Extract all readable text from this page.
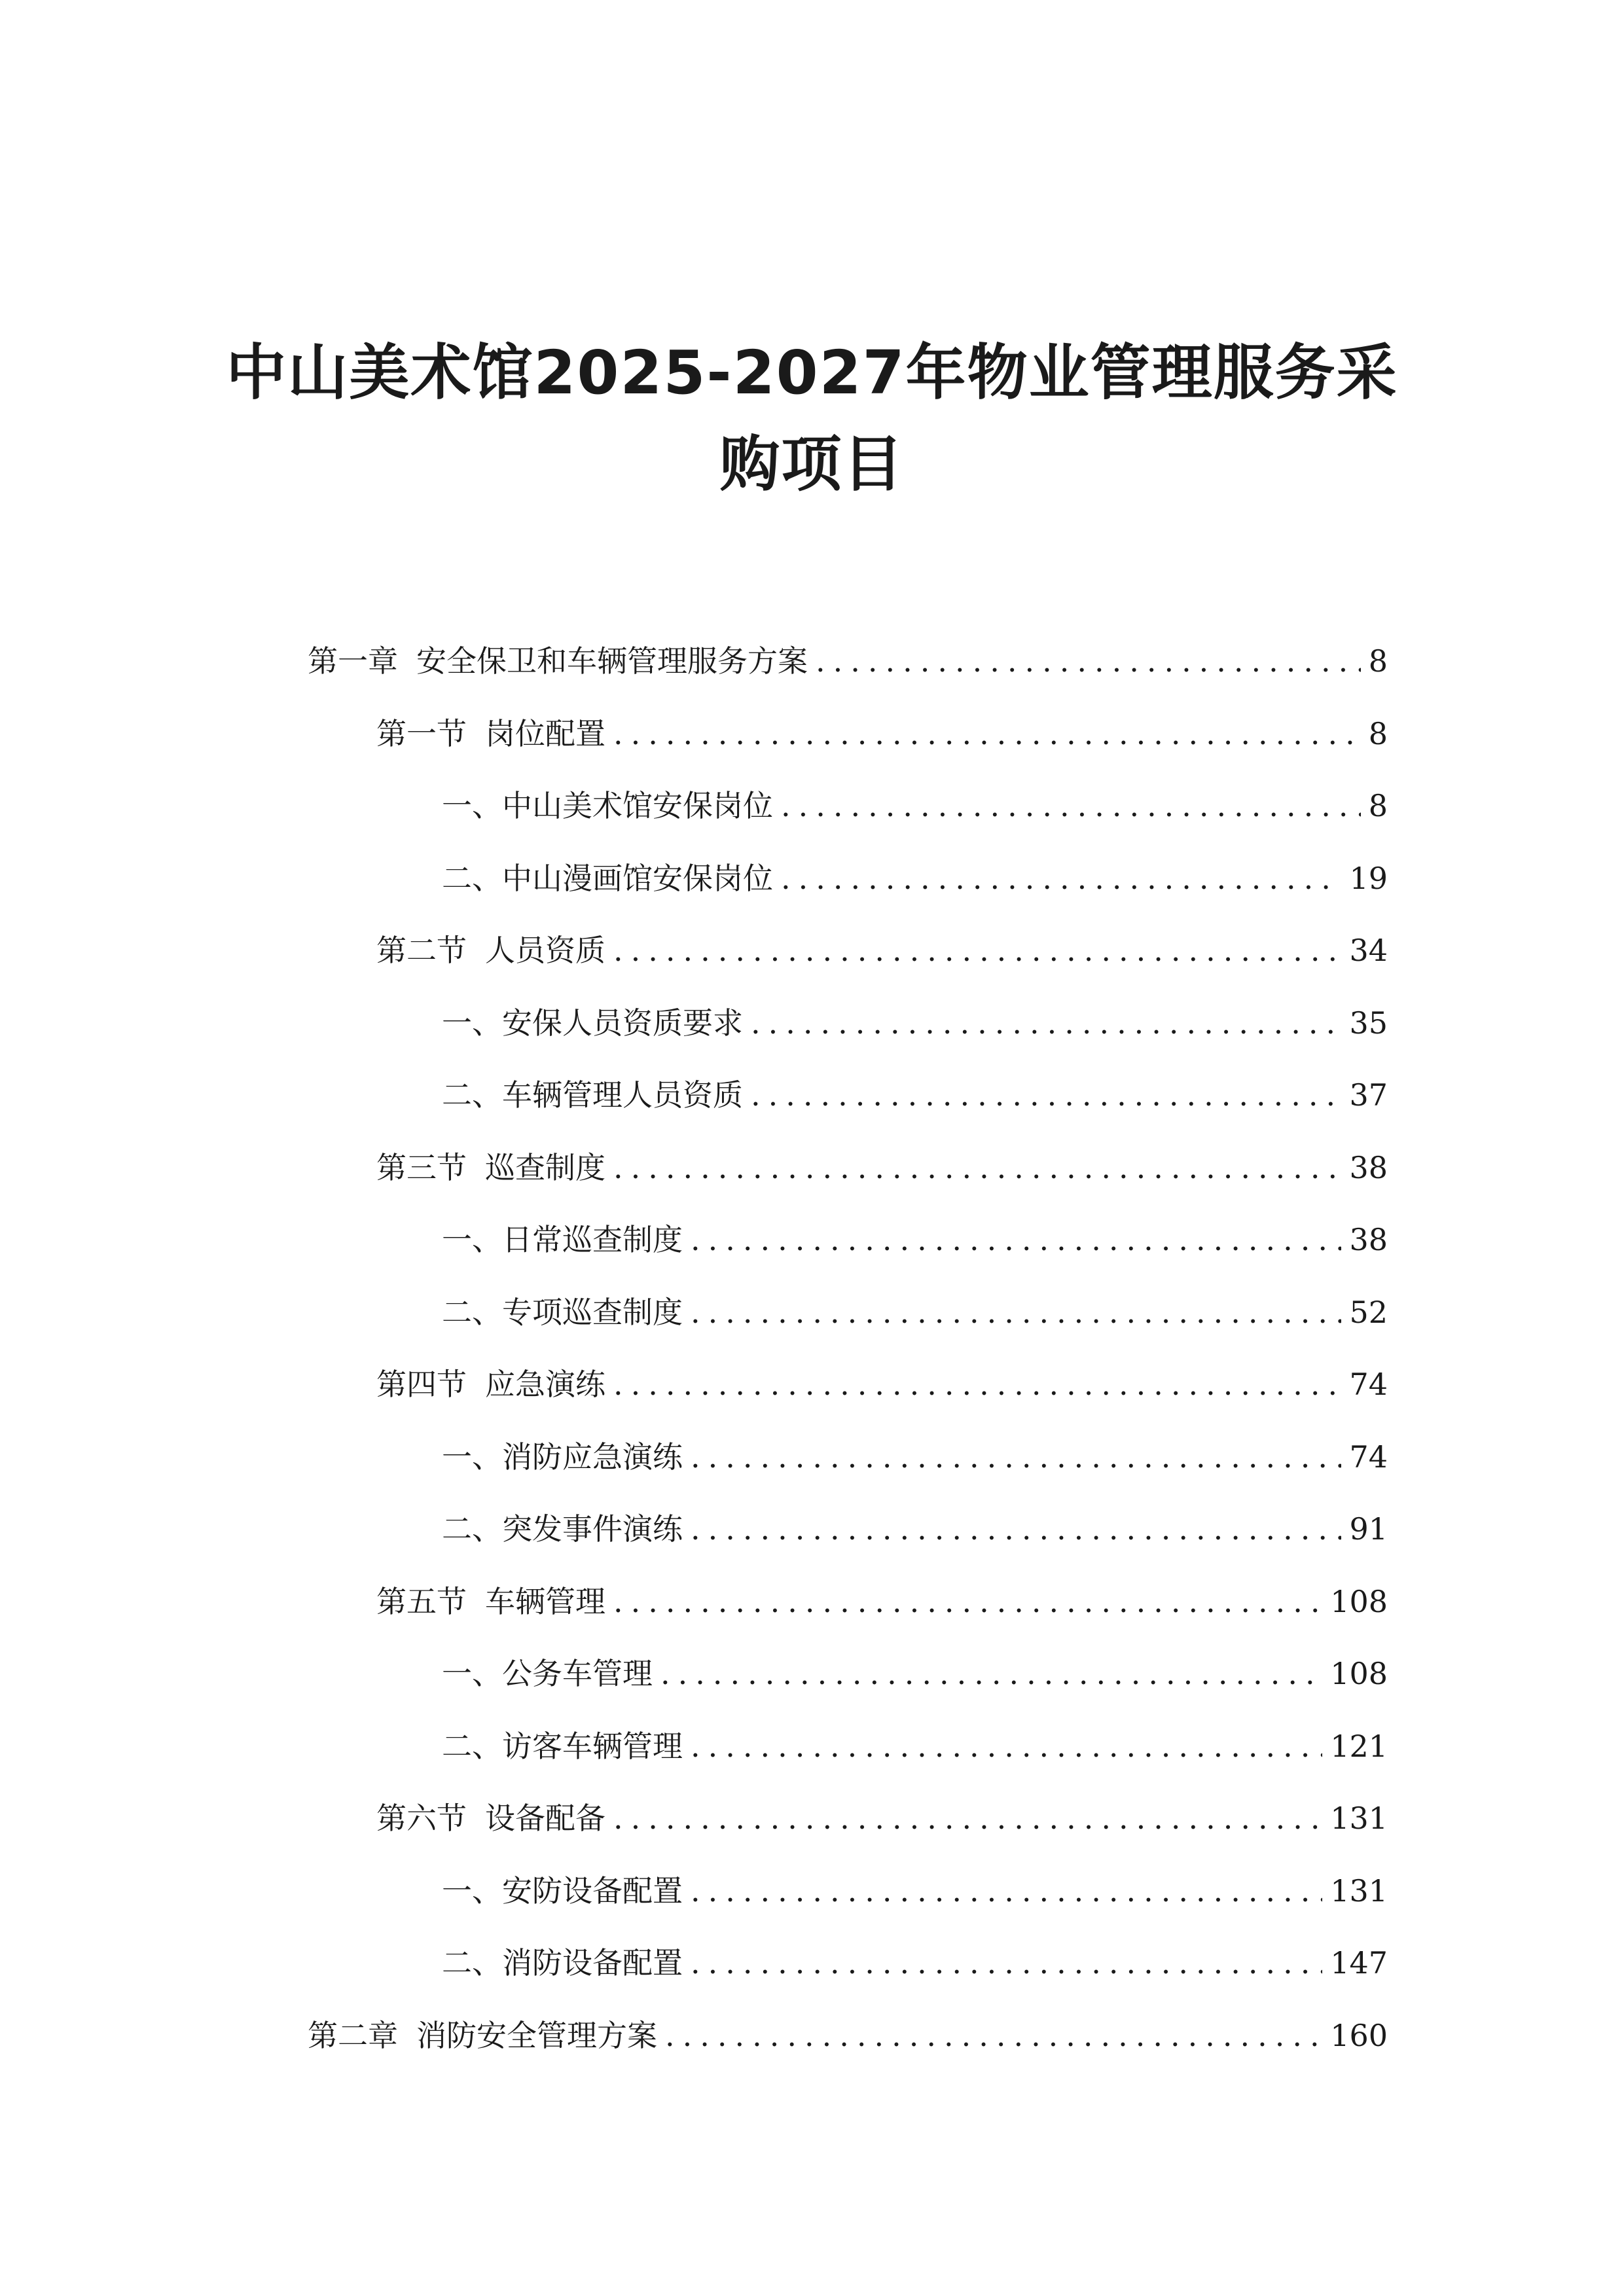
中山美术馆2025-2027年物业管理服务采
购项目
第一章 安全保卫和车辆管理服务方案 .....	8
第一节 岗位配置 .....	8
一、 中山美术馆安保岗位 .....	8
二、 中山漫画馆安保岗位 .....	19
第二节 人员资质 .....	34
一、 安保人员资质要求 .....	35
二、 车辆管理人员资质 .....	37
第三节 巡查制度 .....	38
一、 日常巡查制度 .....	38
二、 专项巡查制度 .....	52
第四节 应急演练 .....	74
一、 消防应急演练 .....	74
二、 突发事件演练 .....	91
第五节 车辆管理 .....	108
一、 公务车管理 .....	108
二、 访客车辆管理 .....	121
第六节 设备配备 .....	131
一、 安防设备配置 .....	131
二、 消防设备配置 .....	147
第二章 消防安全管理方案 .....	160
